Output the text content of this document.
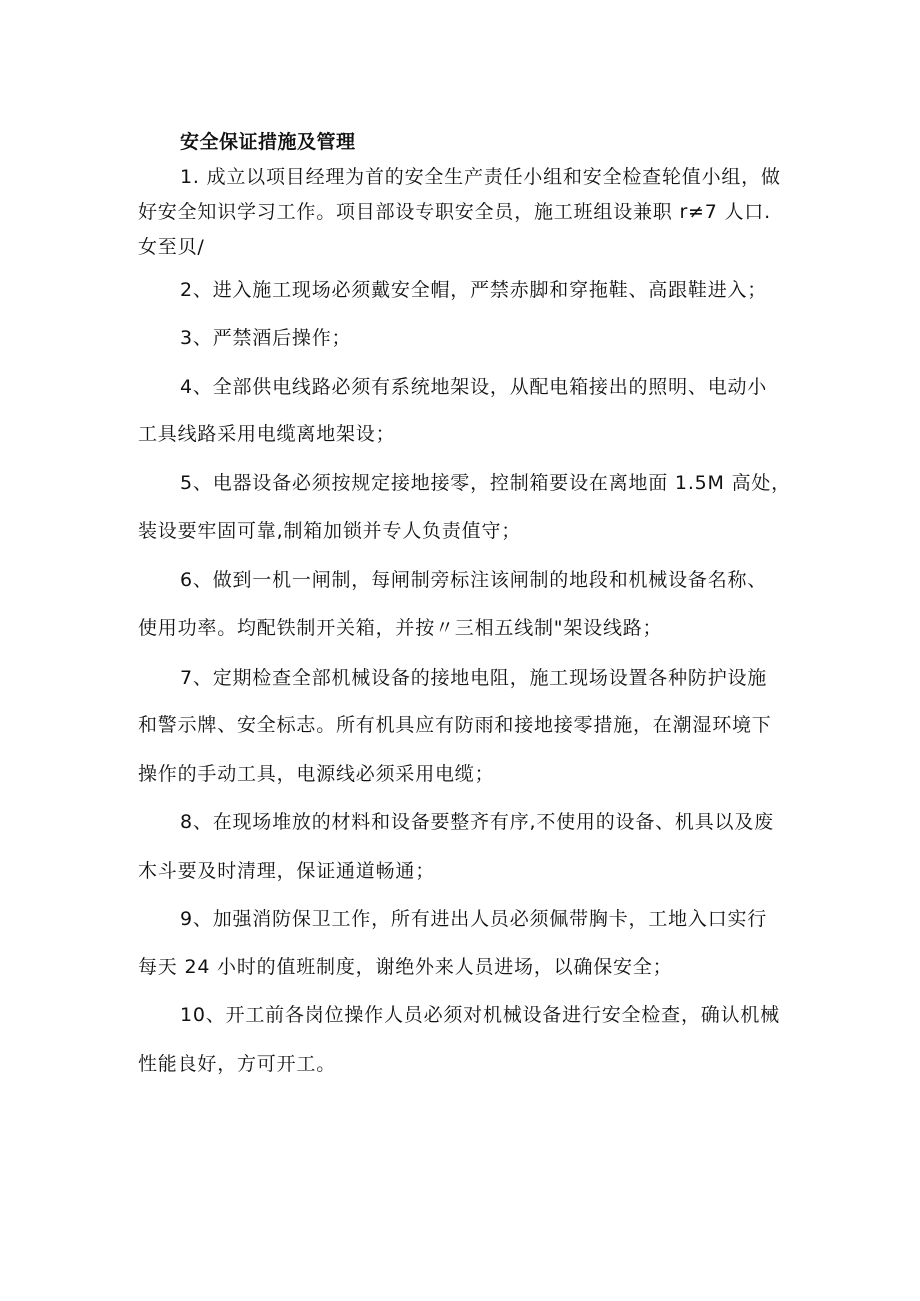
安全保证措施及管理
1. 成立以项目经理为首的安全生产责任小组和安全检查轮值小组，做
好安全知识学习工作。项目部设专职安全员，施工班组设兼职 r≠7 人口.
女至贝/
2、进入施工现场必须戴安全帽，严禁赤脚和穿拖鞋、高跟鞋进入；
3、严禁酒后操作；
4、全部供电线路必须有系统地架设，从配电箱接出的照明、电动小
工具线路采用电缆离地架设；
5、电器设备必须按规定接地接零，控制箱要设在离地面 1.5M 高处，
装设要牢固可靠,制箱加锁并专人负责值守；
6、做到一机一闸制，每闸制旁标注该闸制的地段和机械设备名称、
使用功率。均配铁制开关箱，并按〃三相五线制"架设线路；
7、定期检查全部机械设备的接地电阻，施工现场设置各种防护设施
和警示牌、安全标志。所有机具应有防雨和接地接零措施，在潮湿环境下
操作的手动工具，电源线必须采用电缆；
8、在现场堆放的材料和设备要整齐有序,不使用的设备、机具以及废
木斗要及时清理，保证通道畅通；
9、加强消防保卫工作，所有进出人员必须佩带胸卡，工地入口实行
每天 24 小时的值班制度，谢绝外来人员进场，以确保安全；
10、开工前各岗位操作人员必须对机械设备进行安全检查，确认机械
性能良好，方可开工。
